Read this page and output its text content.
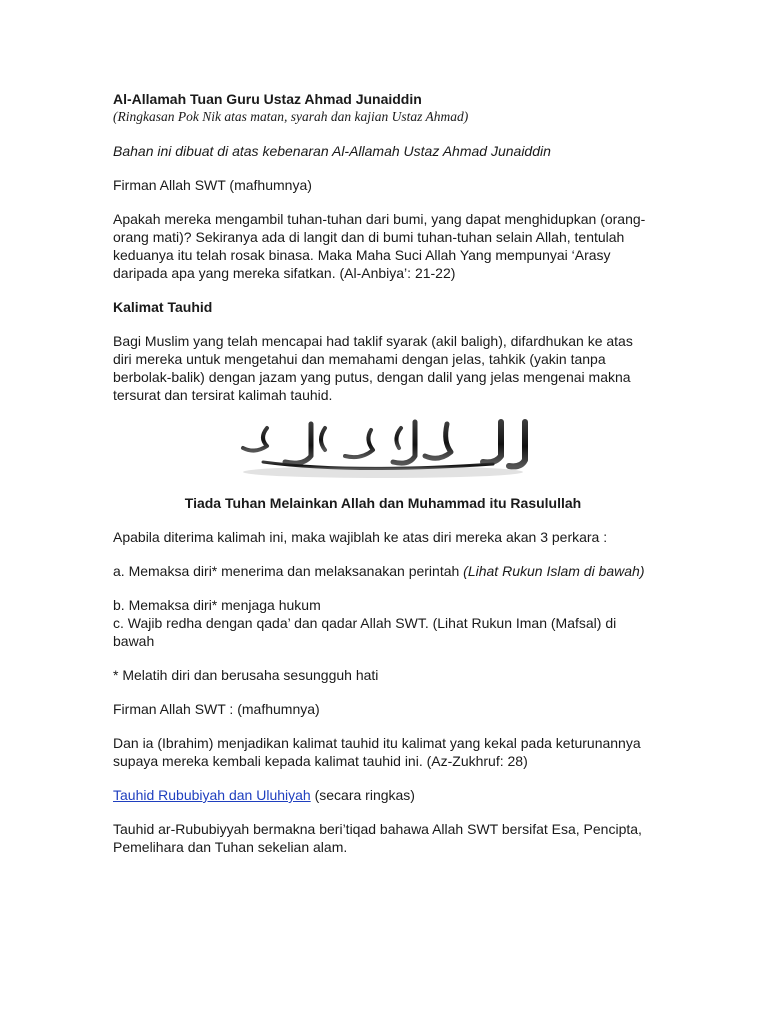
Al-Allamah Tuan Guru Ustaz Ahmad Junaiddin

(Ringkasan Pok Nik atas matan, syarah dan kajian Ustaz Ahmad)

Bahan ini dibuat di atas kebenaran Al-Allamah Ustaz Ahmad Junaiddin

Firman Allah SWT (mafhumnya)

Apakah mereka mengambil tuhan-tuhan dari bumi, yang dapat menghidupkan (orang-orang mati)? Sekiranya ada di langit dan di bumi tuhan-tuhan selain Allah, tentulah keduanya itu telah rosak binasa. Maka Maha Suci Allah Yang mempunyai ‘Arasy daripada apa yang mereka sifatkan. (Al-Anbiya’: 21-22)

Kalimat Tauhid

Bagi Muslim yang telah mencapai had taklif syarak (akil baligh), difardhukan ke atas diri mereka untuk mengetahui dan memahami dengan jelas, tahkik (yakin tanpa berbolak-balik) dengan jazam yang putus, dengan dalil yang jelas mengenai makna tersurat dan tersirat kalimah tauhid.

Tiada Tuhan Melainkan Allah dan Muhammad itu Rasulullah

Apabila diterima kalimah ini, maka wajiblah ke atas diri mereka akan 3 perkara :

a. Memaksa diri* menerima dan melaksanakan perintah (Lihat Rukun Islam di bawah)

b. Memaksa diri* menjaga hukum

c. Wajib redha dengan qada’ dan qadar Allah SWT. (Lihat Rukun Iman (Mafsal) di bawah

* Melatih diri dan berusaha sesungguh hati

Firman Allah SWT : (mafhumnya)

Dan ia (Ibrahim) menjadikan kalimat tauhid itu kalimat yang kekal pada keturunannya supaya mereka kembali kepada kalimat tauhid ini. (Az-Zukhruf: 28)

Tauhid Rububiyah dan Uluhiyah (secara ringkas)

Tauhid ar-Rububiyyah bermakna beri’tiqad bahawa Allah SWT bersifat Esa, Pencipta, Pemelihara dan Tuhan sekelian alam.
